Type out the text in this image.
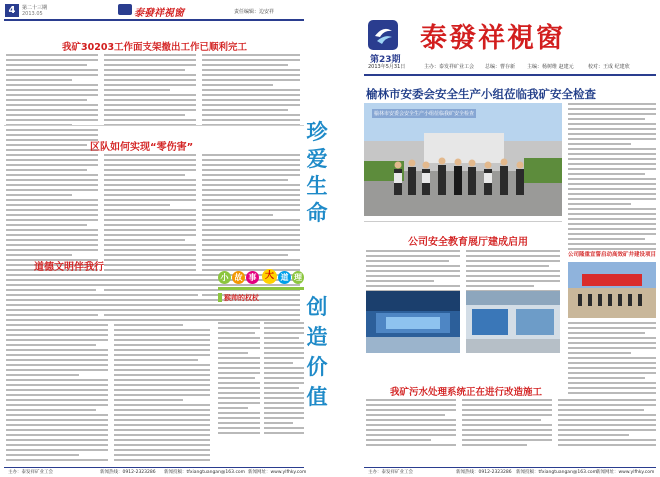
4	第二十三期
2013.05	泰發祥視窗	责任编辑：边安祥
我矿30203工作面支架撤出工作已顺利完工
区队如何实现“零伤害”
道德文明伴我行
小 故 事 大 道 理
猴帅的权杖
主办：泰发祥矿业工会	新闻热线：0912-2323286 新闻投稿：tfxiangtuangan@163.com 新闻网址：www.ylfhky.com
珍
爱
生
命
创
造
价
值
泰發祥視窗
第23期
2013年5月31日	主办：泰发祥矿业工会 总编：曹存新 主编：杨树维 赵建元	校对：王成 纪建欣
榆林市安委会安全生产小组莅临我矿安全检查
榆林市安委会安全生产小组莅临我矿安全检查
公司安全教育展厅建成启用
公司隆重宣誓启动高效矿井建设项目
我矿污水处理系统正在进行改造施工
主办：泰发祥矿业工会	新闻热线：0912-2323286 新闻投稿：tfxiangtuangan@163.com
新闻网址：www.ylfhky.com
